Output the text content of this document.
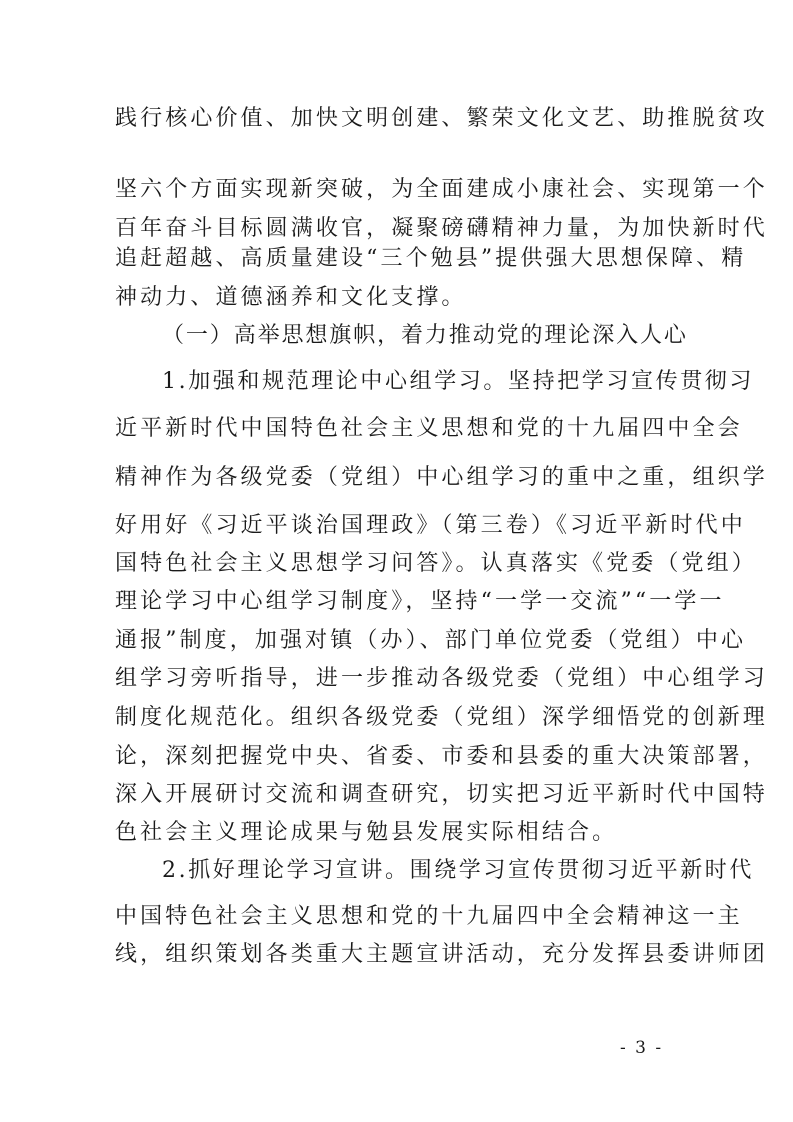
践行核心价值、加快文明创建、繁荣文化文艺、助推脱贫攻
坚六个方面实现新突破，为全面建成小康社会、实现第一个
百年奋斗目标圆满收官，凝聚磅礴精神力量，为加快新时代
追赶超越、高质量建设“三个勉县”提供强大思想保障、精
神动力、道德涵养和文化支撑。
（一）高举思想旗帜，着力推动党的理论深入人心
1.加强和规范理论中心组学习。坚持把学习宣传贯彻习
近平新时代中国特色社会主义思想和党的十九届四中全会
精神作为各级党委（党组）中心组学习的重中之重，组织学
好用好《习近平谈治国理政》（第三卷）《习近平新时代中
国特色社会主义思想学习问答》。认真落实《党委（党组）
理论学习中心组学习制度》，坚持“一学一交流”“一学一
通报”制度，加强对镇（办）、部门单位党委（党组）中心
组学习旁听指导，进一步推动各级党委（党组）中心组学习
制度化规范化。组织各级党委（党组）深学细悟党的创新理
论，深刻把握党中央、省委、市委和县委的重大决策部署，
深入开展研讨交流和调查研究，切实把习近平新时代中国特
色社会主义理论成果与勉县发展实际相结合。
2.抓好理论学习宣讲。围绕学习宣传贯彻习近平新时代
中国特色社会主义思想和党的十九届四中全会精神这一主
线，组织策划各类重大主题宣讲活动，充分发挥县委讲师团
- 3 -
